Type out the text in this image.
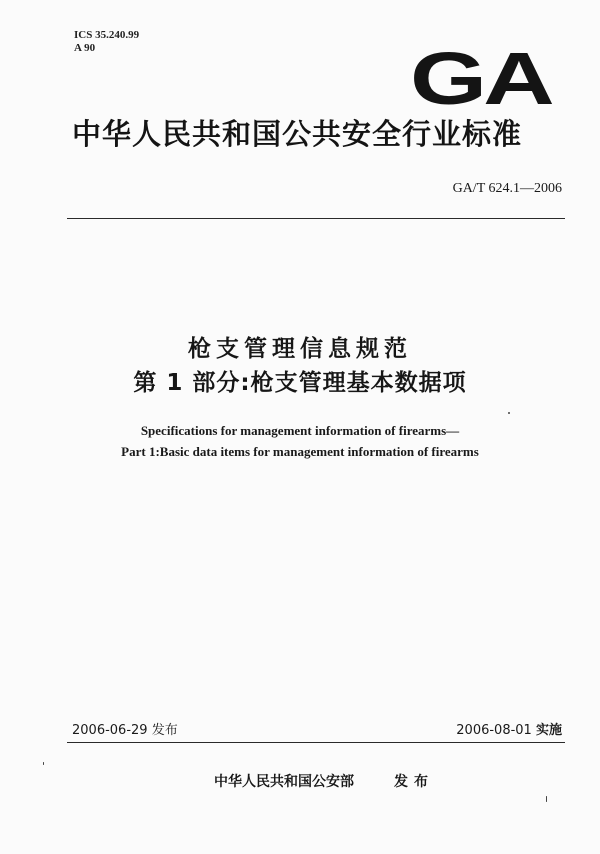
ICS 35.240.99
A 90	GA
中华人民共和国公共安全行业标准
GA/T 624.1—2006
枪支管理信息规范
第 1 部分:枪支管理基本数据项
Specifications for management information of firearms—
Part 1:Basic data items for management information of firearms
2006-06-29 发布	2006-08-01 实施
中华人民共和国公安部	发布
